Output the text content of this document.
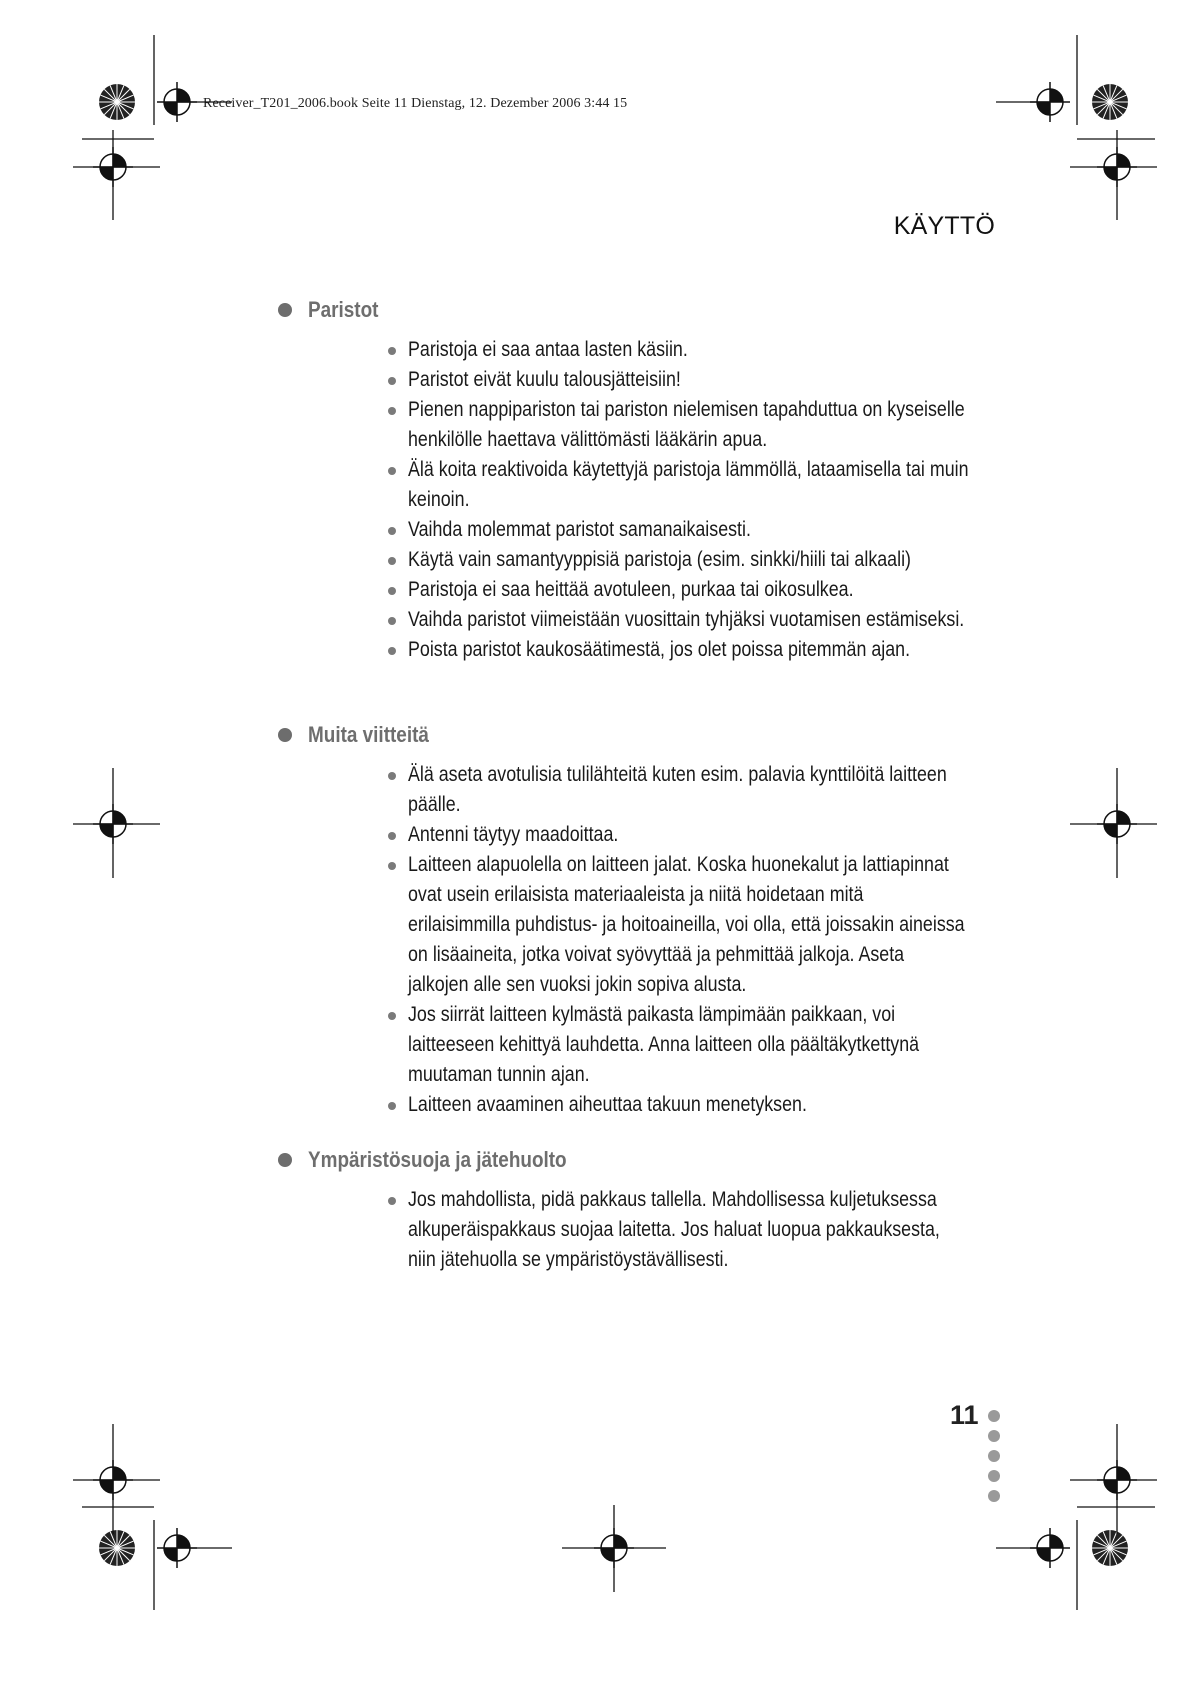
Receiver_T201_2006.book Seite 11 Dienstag, 12. Dezember 2006 3:44 15
KÄYTTÖ
Paristot
Paristoja ei saa antaa lasten käsiin.
Paristot eivät kuulu talousjätteisiin!
Pienen nappipariston tai pariston nielemisen tapahduttua on kyseiselle henkilölle haettava välittömästi lääkärin apua.
Älä koita reaktivoida käytettyjä paristoja lämmöllä, lataamisella tai muin keinoin.
Vaihda molemmat paristot samanaikaisesti.
Käytä vain samantyyppisiä paristoja (esim. sinkki/hiili tai alkaali)
Paristoja ei saa heittää avotuleen, purkaa tai oikosulkea.
Vaihda paristot viimeistään vuosittain tyhjäksi vuotamisen estämiseksi.
Poista paristot kaukosäätimestä, jos olet poissa pitemmän ajan.
Muita viitteitä
Älä aseta avotulisia tulilähteitä kuten esim. palavia kynttilöitä laitteen päälle.
Antenni täytyy maadoittaa.
Laitteen alapuolella on laitteen jalat. Koska huonekalut ja lattiapinnat ovat usein erilaisista materiaaleista ja niitä hoidetaan mitä erilaisimmilla puhdistus- ja hoitoaineilla, voi olla, että joissakin aineissa on lisäaineita, jotka voivat syövyttää ja pehmittää jalkoja. Aseta jalkojen alle sen vuoksi jokin sopiva alusta.
Jos siirrät laitteen kylmästä paikasta lämpimään paikkaan, voi laitteeseen kehittyä lauhdetta. Anna laitteen olla päältäkytkettynä muutaman tunnin ajan.
Laitteen avaaminen aiheuttaa takuun menetyksen.
Ympäristösuoja ja jätehuolto
Jos mahdollista, pidä pakkaus tallella. Mahdollisessa kuljetuksessa alkuperäispakkaus suojaa laitetta. Jos haluat luopua pakkauksesta, niin jätehuolla se ympäristöystävällisesti.
11
